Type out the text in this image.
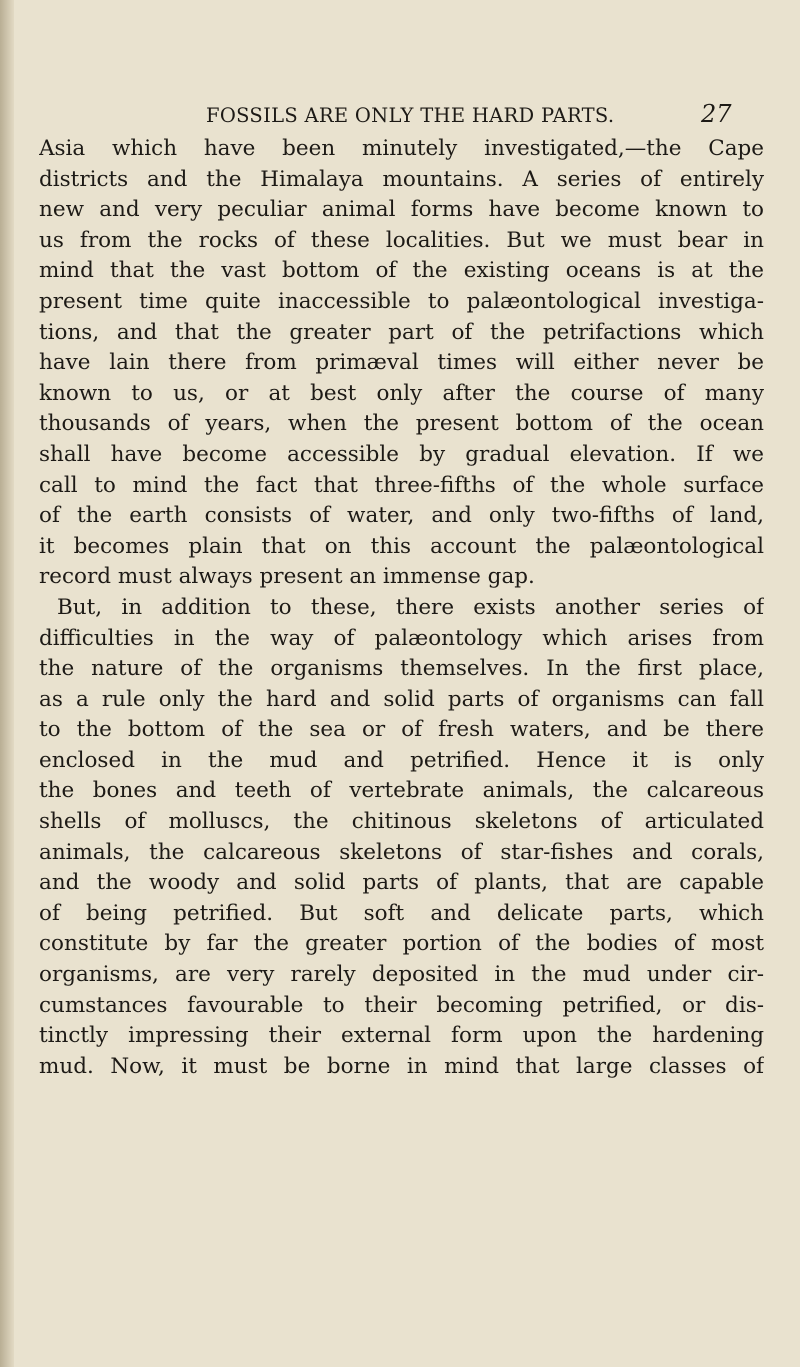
FOSSILS ARE ONLY THE HARD PARTS.	27
Asia which have been minutely investigated,—the Cape
districts and the Himalaya mountains. A series of entirely
new and very peculiar animal forms have become known to
us from the rocks of these localities. But we must bear in
mind that the vast bottom of the existing oceans is at the
present time quite inaccessible to palæontological investiga-
tions, and that the greater part of the petrifactions which
have lain there from primæval times will either never be
known to us, or at best only after the course of many
thousands of years, when the present bottom of the ocean
shall have become accessible by gradual elevation. If we
call to mind the fact that three-fifths of the whole surface
of the earth consists of water, and only two-fifths of land,
it becomes plain that on this account the palæontological
record must always present an immense gap.
But, in addition to these, there exists another series of
difficulties in the way of palæontology which arises from
the nature of the organisms themselves. In the first place,
as a rule only the hard and solid parts of organisms can fall
to the bottom of the sea or of fresh waters, and be there
enclosed in the mud and petrified. Hence it is only
the bones and teeth of vertebrate animals, the calcareous
shells of molluscs, the chitinous skeletons of articulated
animals, the calcareous skeletons of star-fishes and corals,
and the woody and solid parts of plants, that are capable
of being petrified. But soft and delicate parts, which
constitute by far the greater portion of the bodies of most
organisms, are very rarely deposited in the mud under cir-
cumstances favourable to their becoming petrified, or dis-
tinctly impressing their external form upon the hardening
mud. Now, it must be borne in mind that large classes of
